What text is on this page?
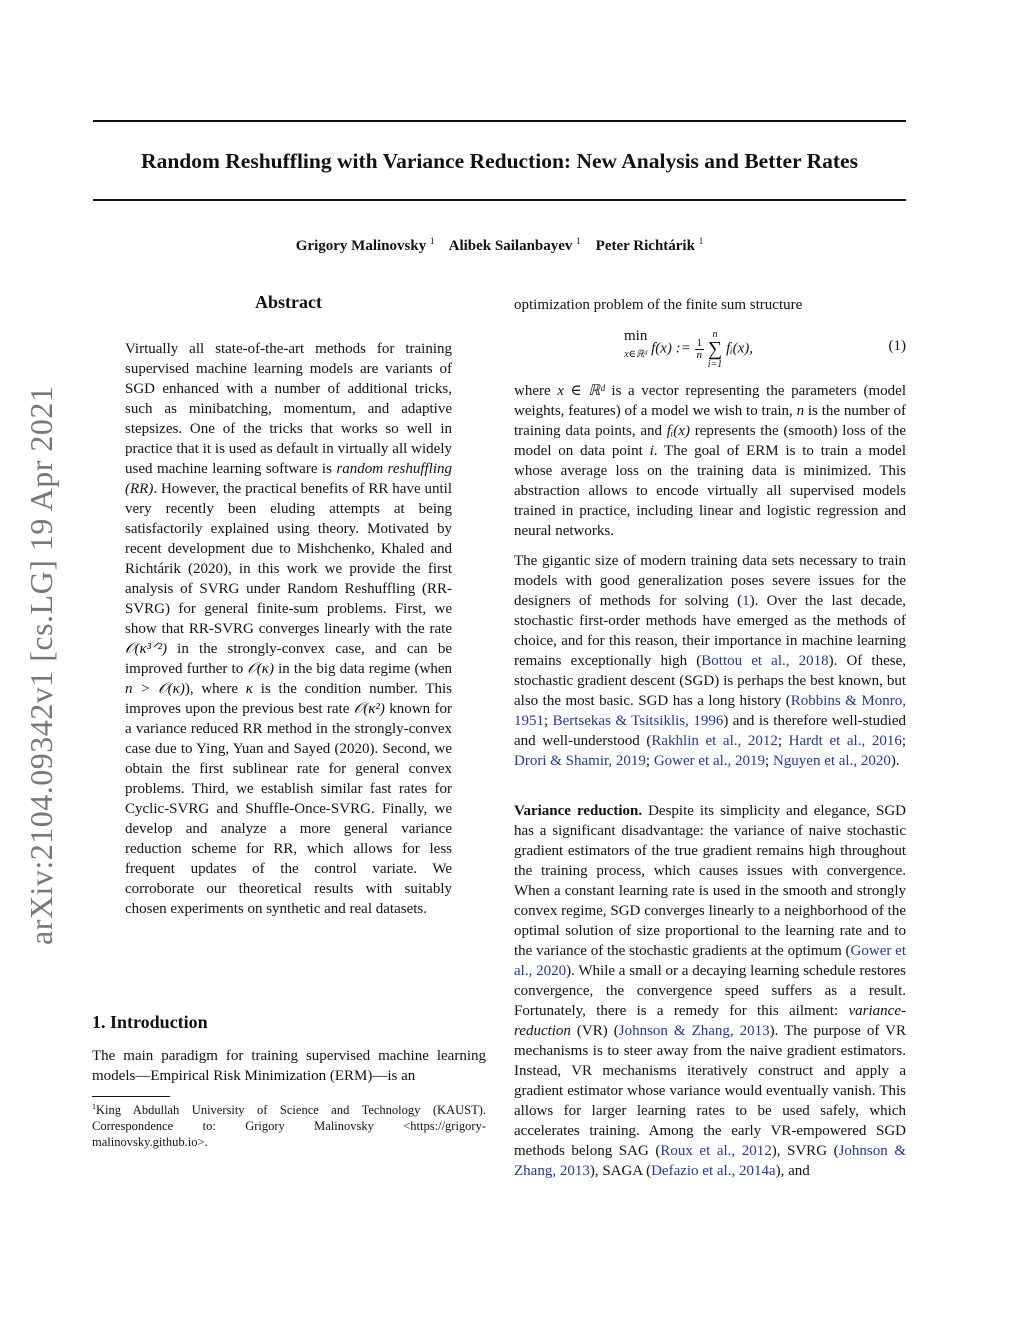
arXiv:2104.09342v1 [cs.LG] 19 Apr 2021
Random Reshuffling with Variance Reduction: New Analysis and Better Rates
Grigory Malinovsky $^1$ Alibek Sailanbayev $^1$ Peter Richtárik $^1$
Abstract
Virtually all state-of-the-art methods for training supervised machine learning models are variants of SGD enhanced with a number of additional tricks, such as minibatching, momentum, and adaptive stepsizes. One of the tricks that works so well in practice that it is used as default in virtually all widely used machine learning software is random reshuffling (RR). However, the practical benefits of RR have until very recently been eluding attempts at being satisfactorily explained using theory. Motivated by recent development due to Mishchenko, Khaled and Richtárik (2020), in this work we provide the first analysis of SVRG under Random Reshuffling (RR-SVRG) for general finite-sum problems. First, we show that RR-SVRG converges linearly with the rate 𝒪(κ³ᐟ²) in the strongly-convex case, and can be improved further to 𝒪(κ) in the big data regime (when n > 𝒪(κ)), where κ is the condition number. This improves upon the previous best rate 𝒪(κ²) known for a variance reduced RR method in the strongly-convex case due to Ying, Yuan and Sayed (2020). Second, we obtain the first sublinear rate for general convex problems. Third, we establish similar fast rates for Cyclic-SVRG and Shuffle-Once-SVRG. Finally, we develop and analyze a more general variance reduction scheme for RR, which allows for less frequent updates of the control variate. We corroborate our theoretical results with suitably chosen experiments on synthetic and real datasets.
1. Introduction

The main paradigm for training supervised machine learning models—Empirical Risk Minimization (ERM)—is an

$^1$King Abdullah University of Science and Technology (KAUST). Correspondence to: Grigory Malinovsky <https://grigory-malinovsky.github.io>.

optimization problem of the finite sum structure

min
x∈ℝᵈ f(x) := $\frac{1}{n}$ n
∑
i=1 fᵢ(x),	(1)

where x ∈ ℝᵈ is a vector representing the parameters (model weights, features) of a model we wish to train, n is the number of training data points, and fᵢ(x) represents the (smooth) loss of the model on data point i. The goal of ERM is to train a model whose average loss on the training data is minimized. This abstraction allows to encode virtually all supervised models trained in practice, including linear and logistic regression and neural networks.

The gigantic size of modern training data sets necessary to train models with good generalization poses severe issues for the designers of methods for solving (1). Over the last decade, stochastic first-order methods have emerged as the methods of choice, and for this reason, their importance in machine learning remains exceptionally high (Bottou et al., 2018). Of these, stochastic gradient descent (SGD) is perhaps the best known, but also the most basic. SGD has a long history (Robbins & Monro, 1951; Bertsekas & Tsitsiklis, 1996) and is therefore well-studied and well-understood (Rakhlin et al., 2012; Hardt et al., 2016; Drori & Shamir, 2019; Gower et al., 2019; Nguyen et al., 2020).

Variance reduction. Despite its simplicity and elegance, SGD has a significant disadvantage: the variance of naive stochastic gradient estimators of the true gradient remains high throughout the training process, which causes issues with convergence. When a constant learning rate is used in the smooth and strongly convex regime, SGD converges linearly to a neighborhood of the optimal solution of size proportional to the learning rate and to the variance of the stochastic gradients at the optimum (Gower et al., 2020). While a small or a decaying learning schedule restores convergence, the convergence speed suffers as a result. Fortunately, there is a remedy for this ailment: variance-reduction (VR) (Johnson & Zhang, 2013). The purpose of VR mechanisms is to steer away from the naive gradient estimators. Instead, VR mechanisms iteratively construct and apply a gradient estimator whose variance would eventually vanish. This allows for larger learning rates to be used safely, which accelerates training. Among the early VR-empowered SGD methods belong SAG (Roux et al., 2012), SVRG (Johnson & Zhang, 2013), SAGA (Defazio et al., 2014a), and
